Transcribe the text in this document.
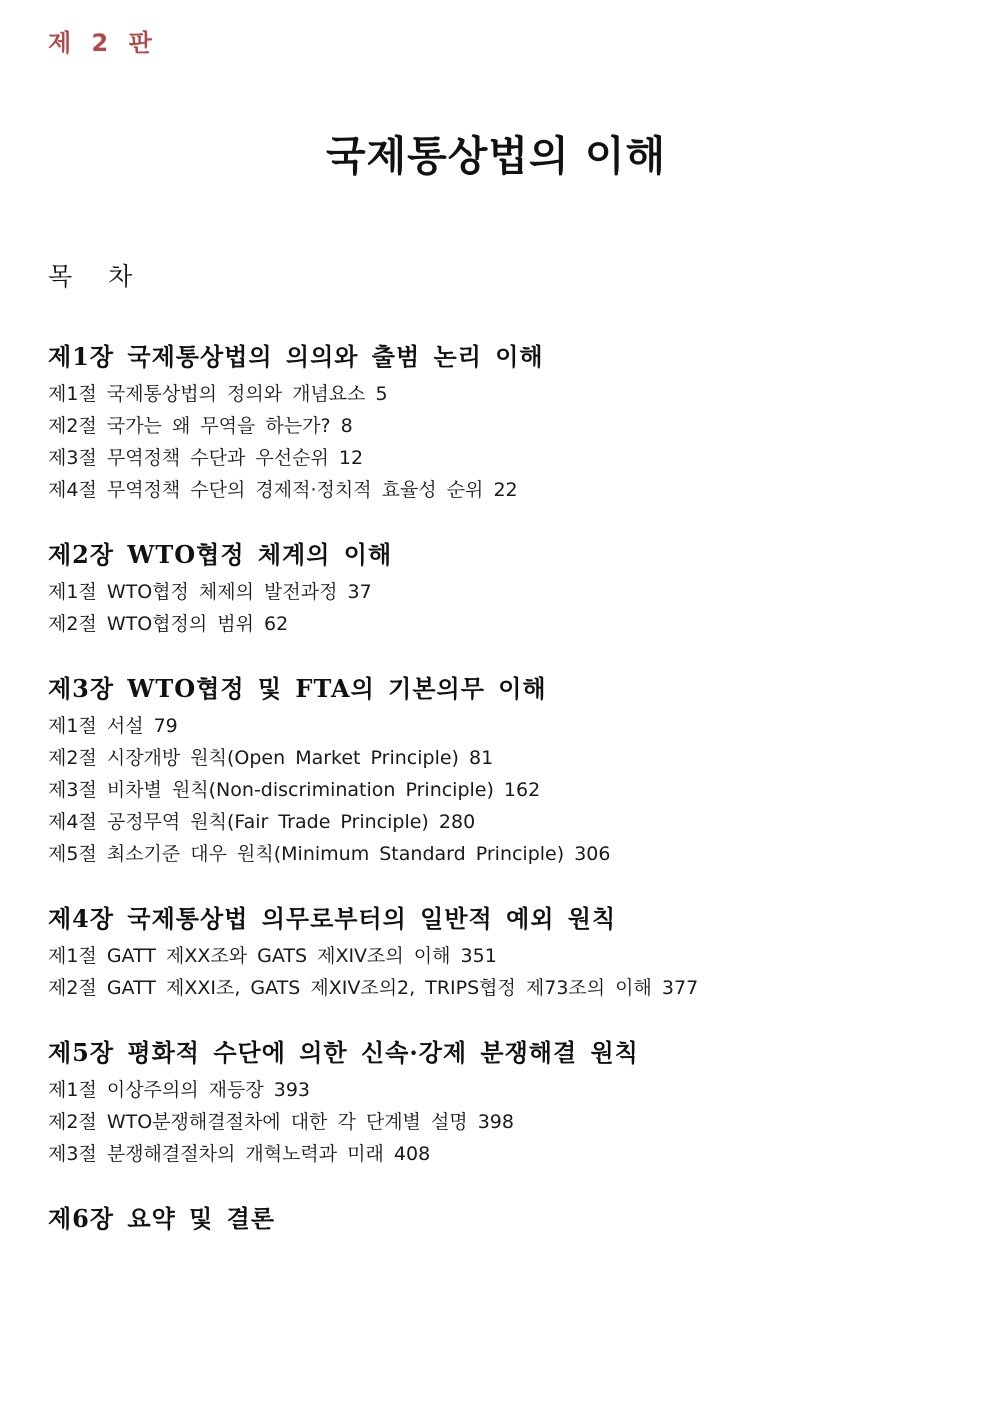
제 2 판
국제통상법의 이해
목 차
제1장 국제통상법의 의의와 출범 논리 이해
제1절 국제통상법의 정의와 개념요소 5
제2절 국가는 왜 무역을 하는가? 8
제3절 무역정책 수단과 우선순위 12
제4절 무역정책 수단의 경제적·정치적 효율성 순위 22
제2장 WTO협정 체계의 이해
제1절 WTO협정 체제의 발전과정 37
제2절 WTO협정의 범위 62
제3장 WTO협정 및 FTA의 기본의무 이해
제1절 서설 79
제2절 시장개방 원칙(Open Market Principle) 81
제3절 비차별 원칙(Non-discrimination Principle) 162
제4절 공정무역 원칙(Fair Trade Principle) 280
제5절 최소기준 대우 원칙(Minimum Standard Principle) 306
제4장 국제통상법 의무로부터의 일반적 예외 원칙
제1절 GATT 제XX조와 GATS 제XIV조의 이해 351
제2절 GATT 제XXI조, GATS 제XIV조의2, TRIPS협정 제73조의 이해 377
제5장 평화적 수단에 의한 신속·강제 분쟁해결 원칙
제1절 이상주의의 재등장 393
제2절 WTO분쟁해결절차에 대한 각 단계별 설명 398
제3절 분쟁해결절차의 개혁노력과 미래 408
제6장 요약 및 결론
